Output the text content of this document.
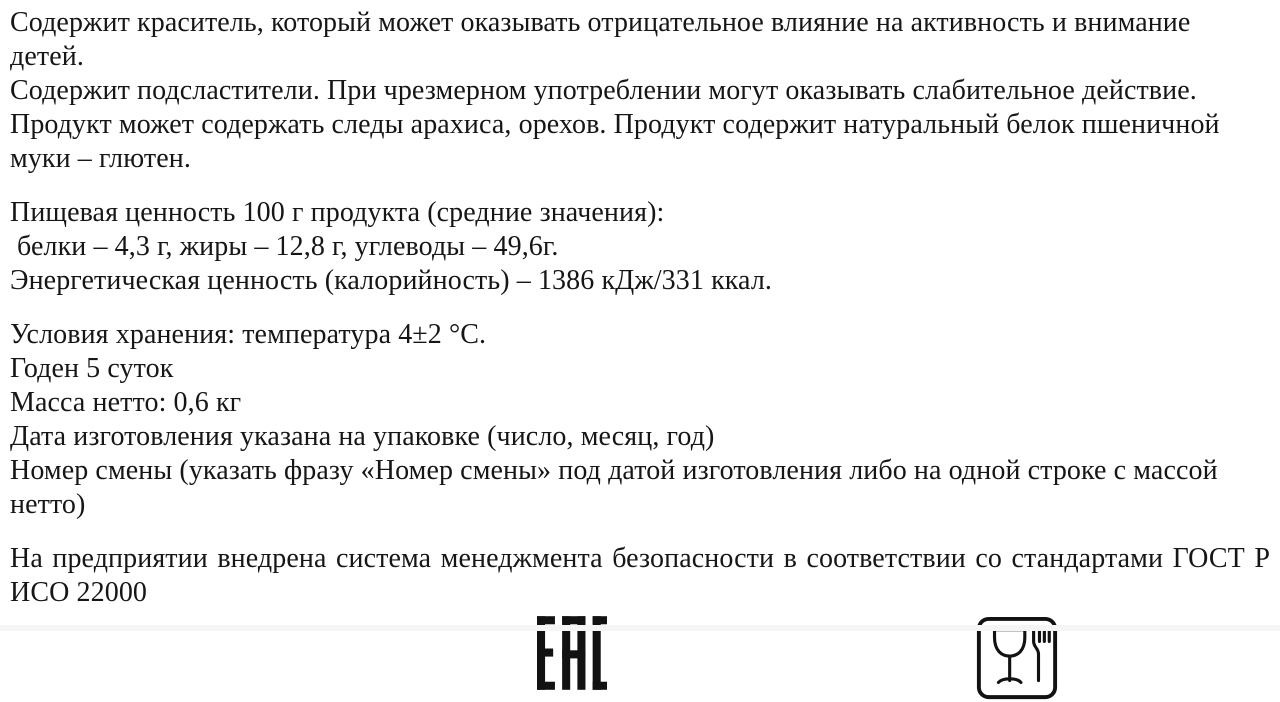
Содержит краситель, который может оказывать отрицательное влияние на активность и внимание детей.

Содержит подсластители. При чрезмерном употреблении могут оказывать слабительное действие.

Продукт может содержать следы арахиса, орехов. Продукт содержит натуральный белок пшеничной муки – глютен.

Пищевая ценность 100 г продукта (средние значения):

белки – 4,3 г, жиры – 12,8 г, углеводы – 49,6г.

Энергетическая ценность (калорийность) – 1386 кДж/331 ккал.

Условия хранения: температура 4±2 °С.

Годен 5 суток

Масса нетто: 0,6 кг

Дата изготовления указана на упаковке (число, месяц, год)

Номер смены (указать фразу «Номер смены» под датой изготовления либо на одной строке с массой нетто)

На предприятии внедрена система менеджмента безопасности в соответствии со стандартами ГОСТ Р

ИСО 22000
